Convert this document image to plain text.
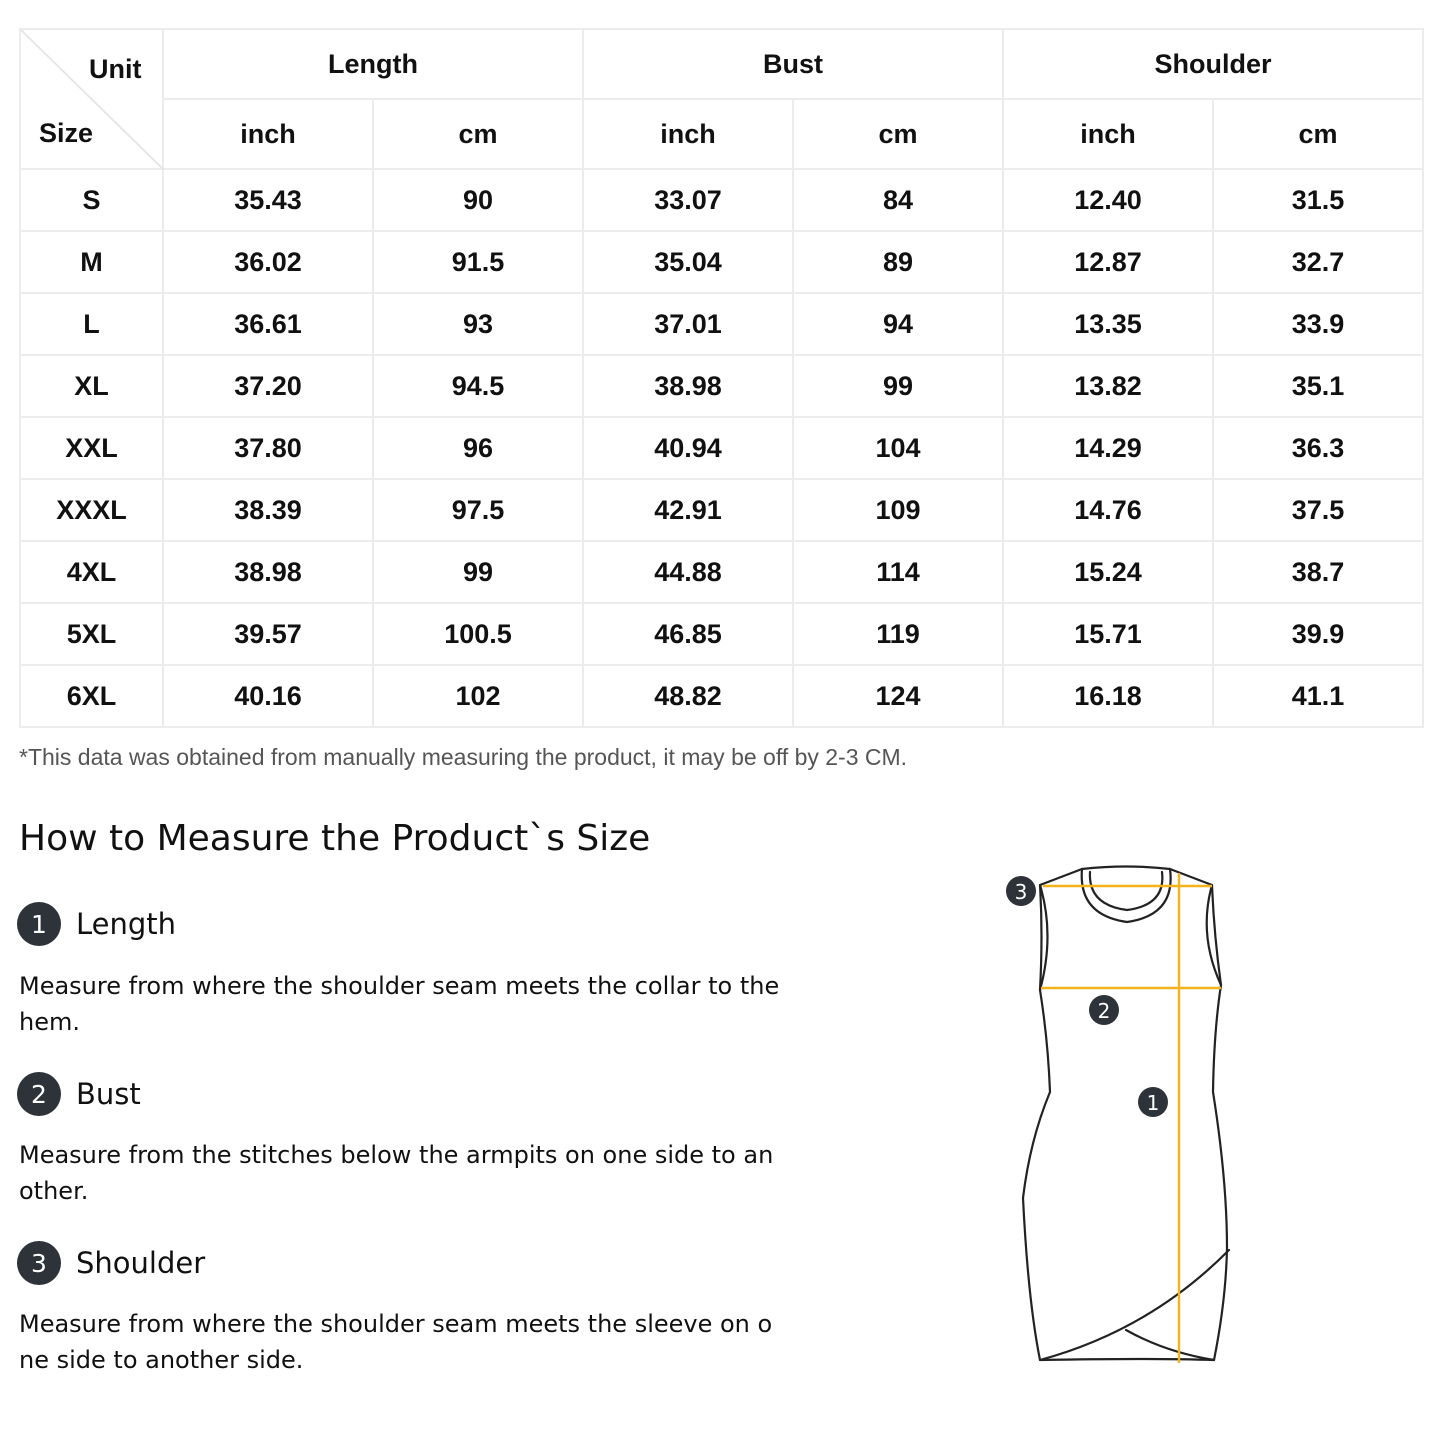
Unit
Size	Length		Bust		Shoulder	
	inch	cm	inch	cm	inch	cm
S	35.43	90	33.07	84	12.40	31.5
M	36.02	91.5	35.04	89	12.87	32.7
L	36.61	93	37.01	94	13.35	33.9
XL	37.20	94.5	38.98	99	13.82	35.1
XXL	37.80	96	40.94	104	14.29	36.3
XXXL	38.39	97.5	42.91	109	14.76	37.5
4XL	38.98	99	44.88	114	15.24	38.7
5XL	39.57	100.5	46.85	119	15.71	39.9
6XL	40.16	102	48.82	124	16.18	41.1
*This data was obtained from manually measuring the product, it may be off by 2-3 CM.
How to Measure the Product`s Size
1	Length
Measure from where the shoulder seam meets the collar to the
hem.
2	Bust
Measure from the stitches below the armpits on one side to an
other.
3	Shoulder
Measure from where the shoulder seam meets the sleeve on o
ne side to another side.
3
2
1
